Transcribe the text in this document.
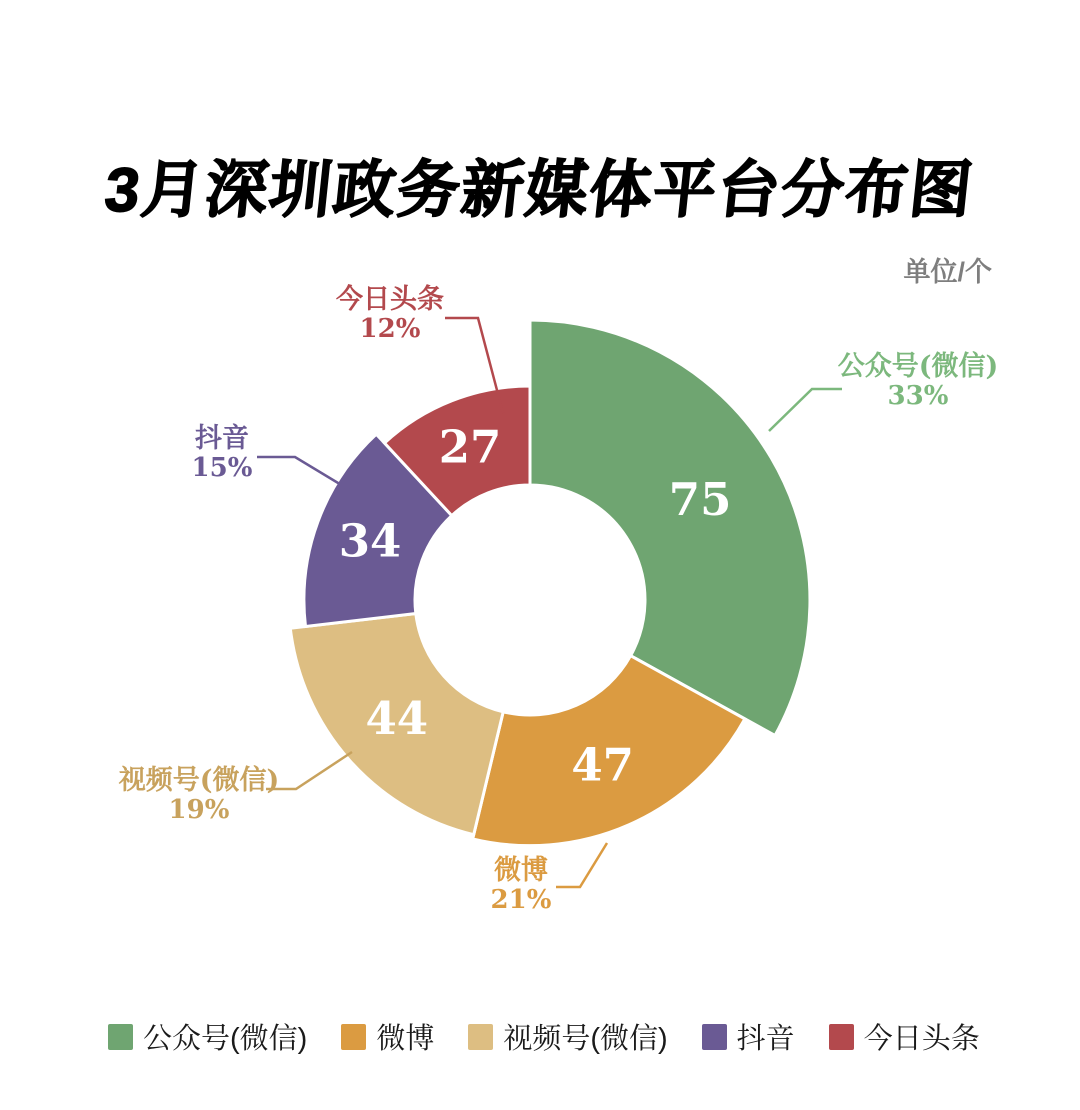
3月深圳政务新媒体平台分布图
单位/个
75
47
44
34
27
公众号(微信)
33%
微博
21%
视频号(微信)
19%
抖音
15%
今日头条
12%
公众号(微信) 微博 视频号(微信) 抖音 今日头条
